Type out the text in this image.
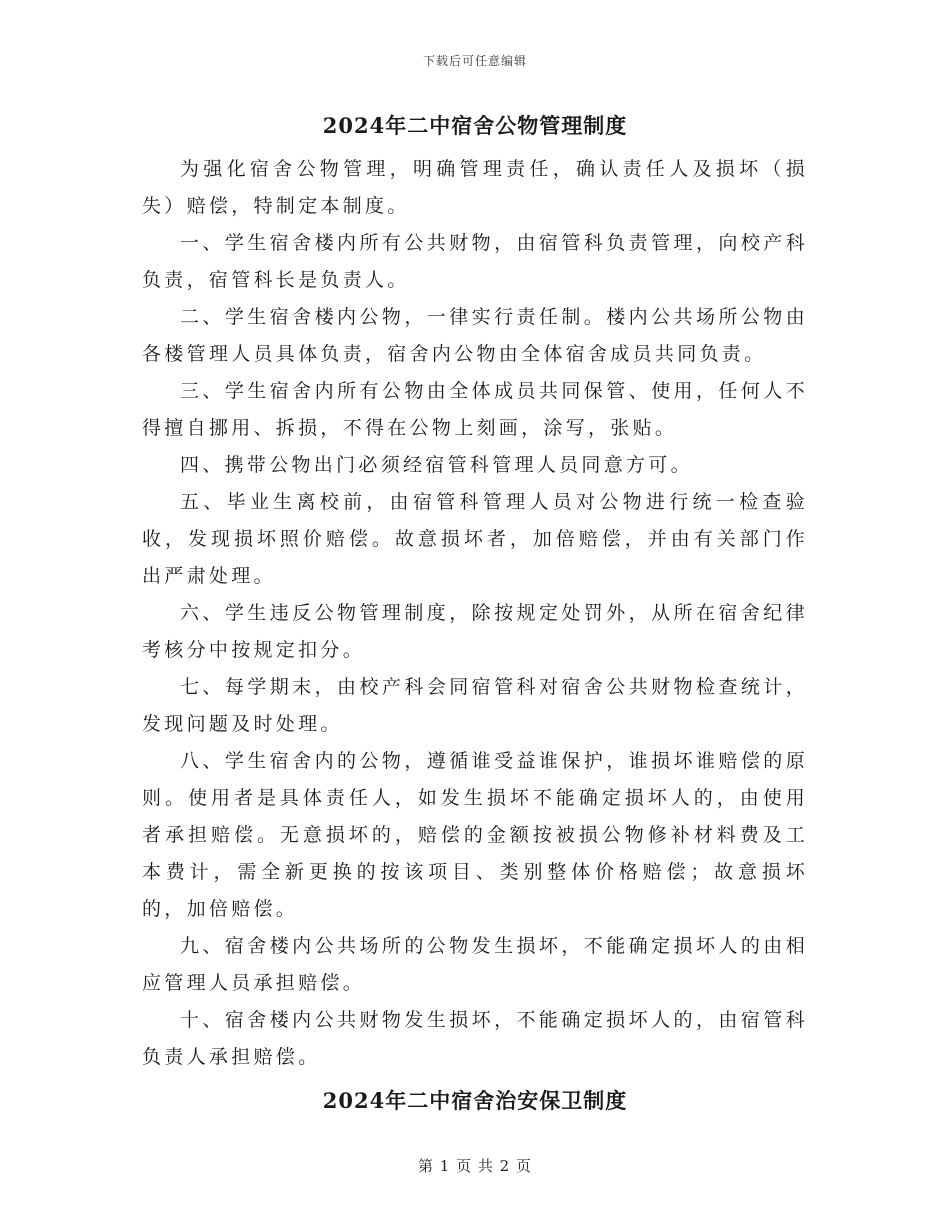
下载后可任意编辑
2024年二中宿舍公物管理制度

为强化宿舍公物管理，明确管理责任，确认责任人及损坏（损失）赔偿，特制定本制度。

一、学生宿舍楼内所有公共财物，由宿管科负责管理，向校产科负责，宿管科长是负责人。

二、学生宿舍楼内公物，一律实行责任制。楼内公共场所公物由各楼管理人员具体负责，宿舍内公物由全体宿舍成员共同负责。

三、学生宿舍内所有公物由全体成员共同保管、使用，任何人不得擅自挪用、拆损，不得在公物上刻画，涂写，张贴。

四、携带公物出门必须经宿管科管理人员同意方可。

五、毕业生离校前，由宿管科管理人员对公物进行统一检查验收，发现损坏照价赔偿。故意损坏者，加倍赔偿，并由有关部门作出严肃处理。

六、学生违反公物管理制度，除按规定处罚外，从所在宿舍纪律考核分中按规定扣分。

七、每学期末，由校产科会同宿管科对宿舍公共财物检查统计，发现问题及时处理。

八、学生宿舍内的公物，遵循谁受益谁保护，谁损坏谁赔偿的原则。使用者是具体责任人，如发生损坏不能确定损坏人的，由使用者承担赔偿。无意损坏的，赔偿的金额按被损公物修补材料费及工本费计，需全新更换的按该项目、类别整体价格赔偿；故意损坏的，加倍赔偿。

九、宿舍楼内公共场所的公物发生损坏，不能确定损坏人的由相应管理人员承担赔偿。

十、宿舍楼内公共财物发生损坏，不能确定损坏人的，由宿管科负责人承担赔偿。

2024年二中宿舍治安保卫制度
第 1 页 共 2 页
